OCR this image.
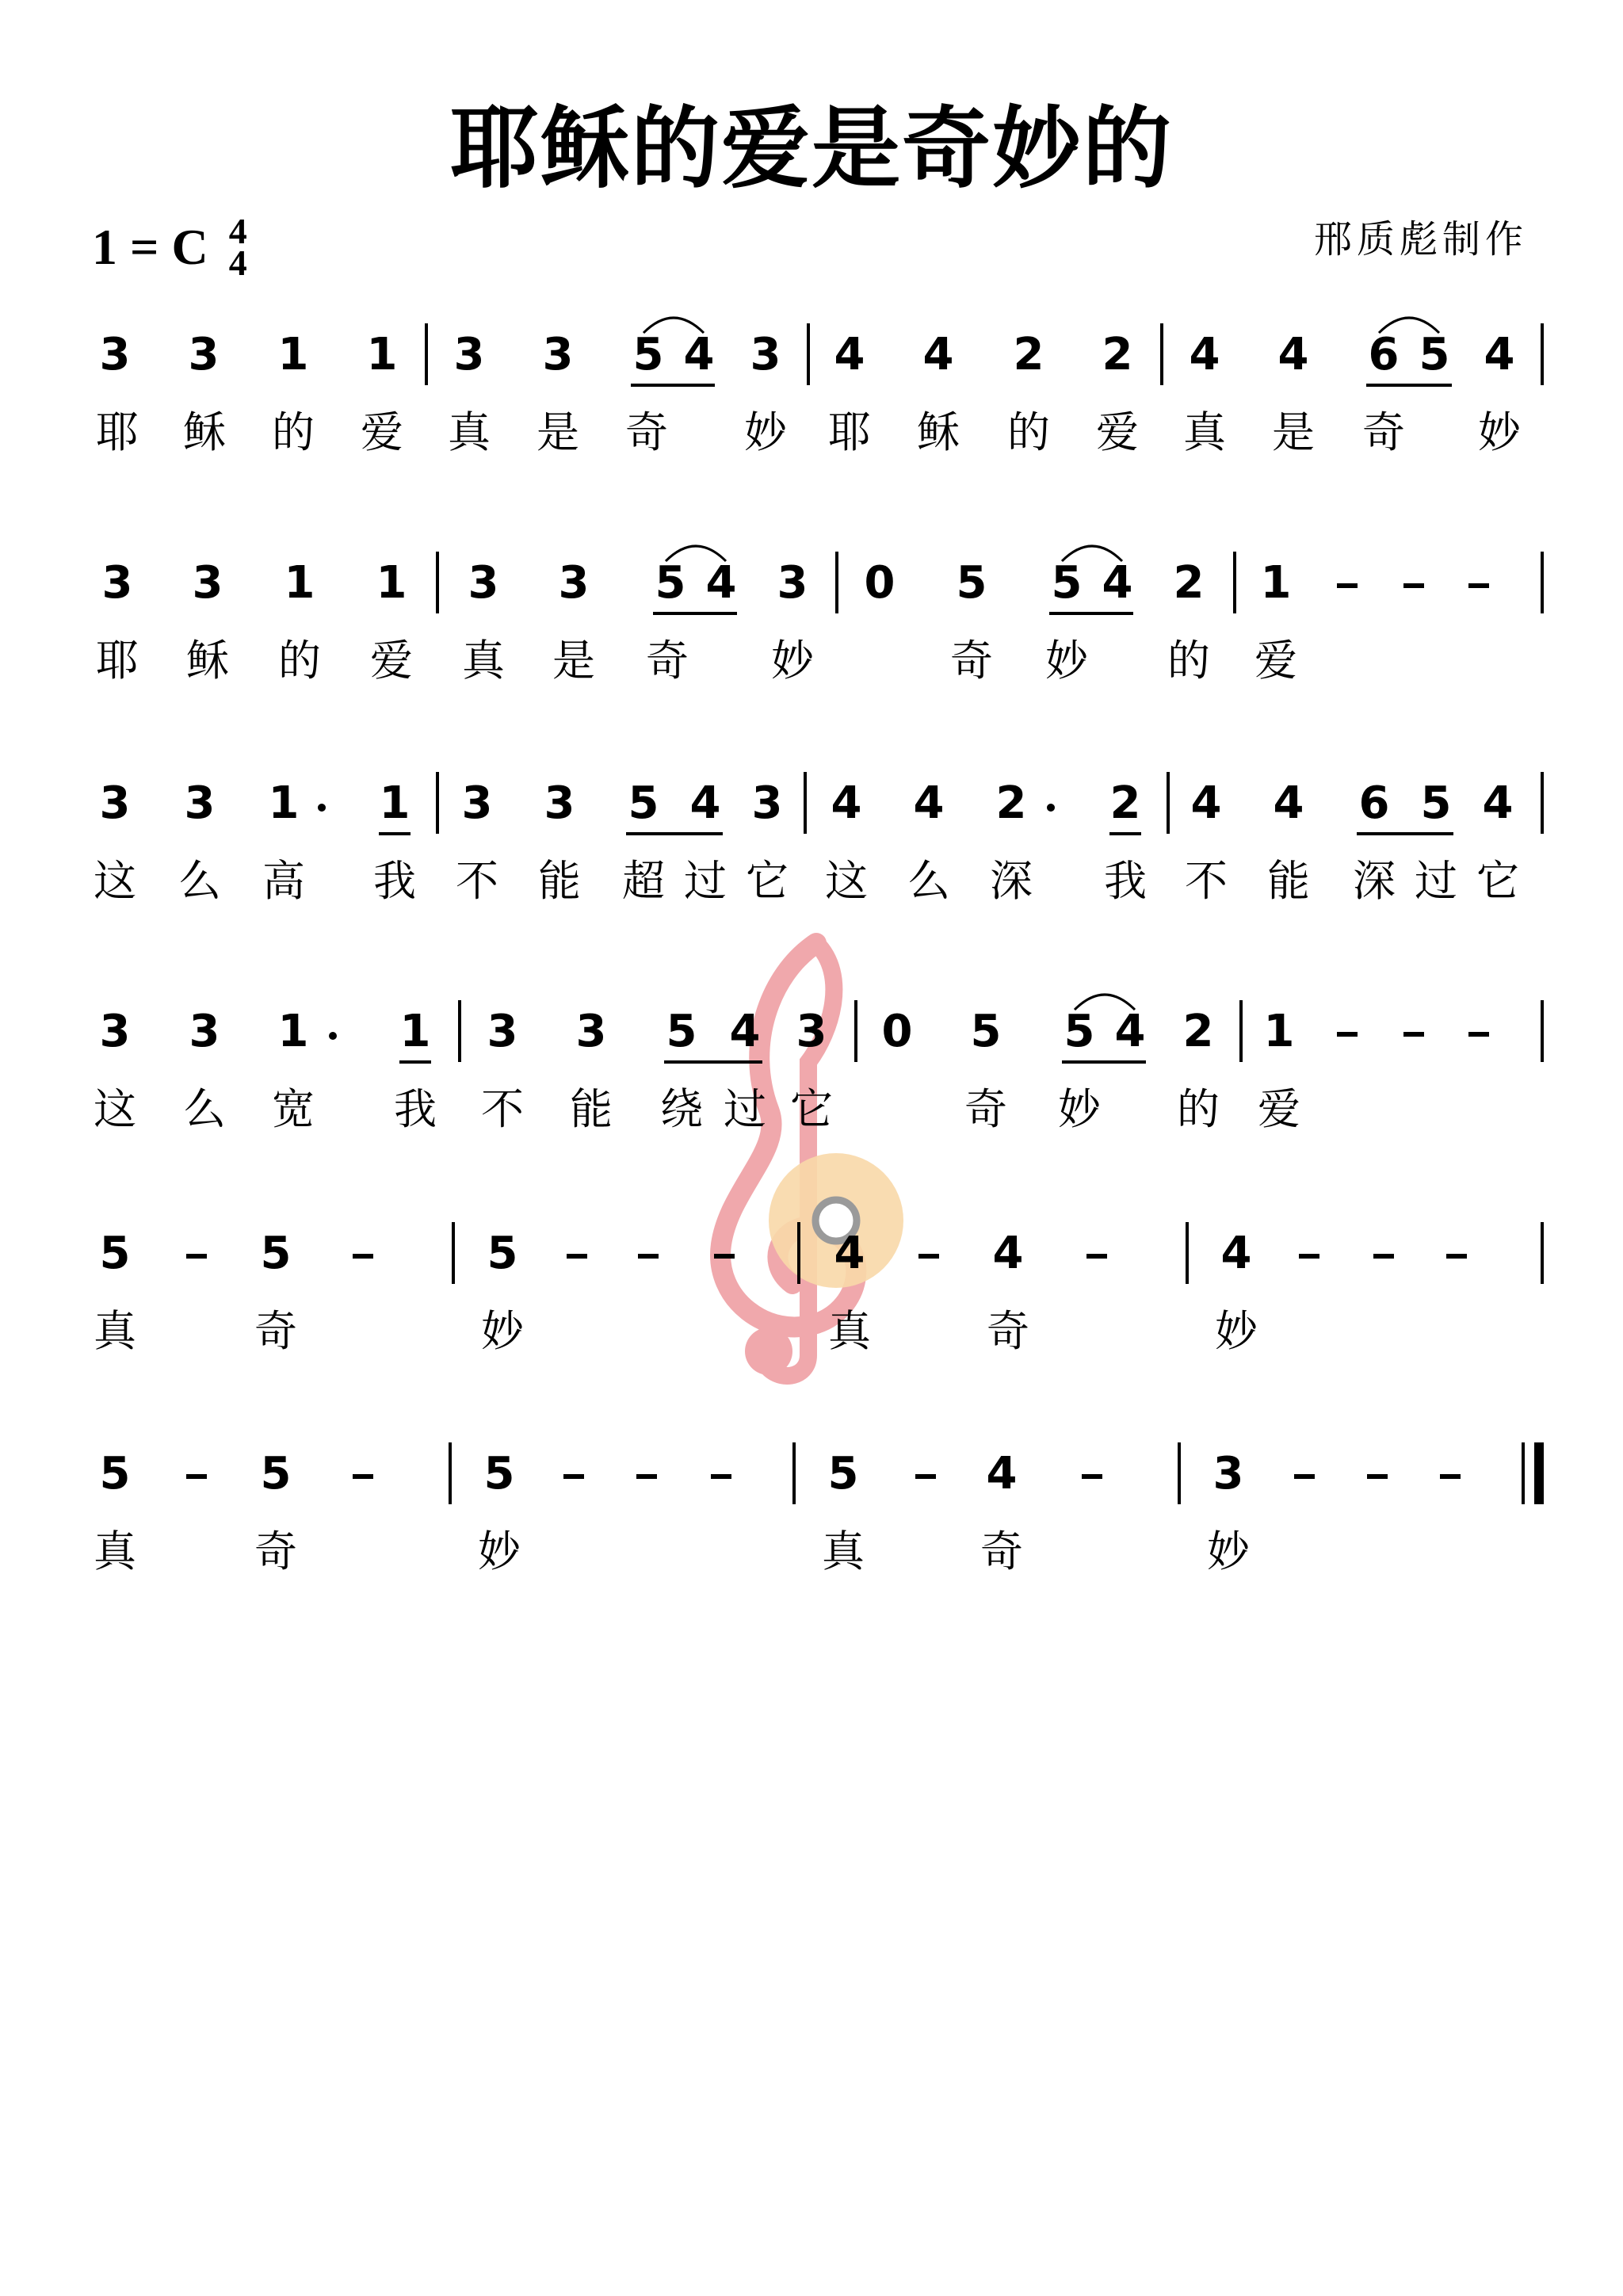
耶稣的爱是奇妙的
1 = C 4
4
邢质彪制作
3 3 1 1 3 3 5 4 3 4 4 2 2 4 4 6 5 4
耶 稣 的 爱 真 是 奇 妙 耶 稣 的 爱 真 是 奇 妙
3 3 1 1 3 3 5 4 3 0 5 5 4 2 1
耶 稣 的 爱 真 是 奇 妙	奇 妙 的 爱
3 3 1 1 3 3 5 4 3 4 4 2 2 4 4 6 5 4
这 么 高 我 不 能 超 过 它 这 么 深 我 不 能 深 过 它
3 3 1 1 3 3 5 4 3 0 5 5 4 2 1
这 么 宽 我 不 能 绕 过 它	奇 妙 的 爱
5	5	5	4	4	4
真	奇	妙	真	奇	妙
5	5	5	5	4	3
真	奇	妙	真	奇	妙
